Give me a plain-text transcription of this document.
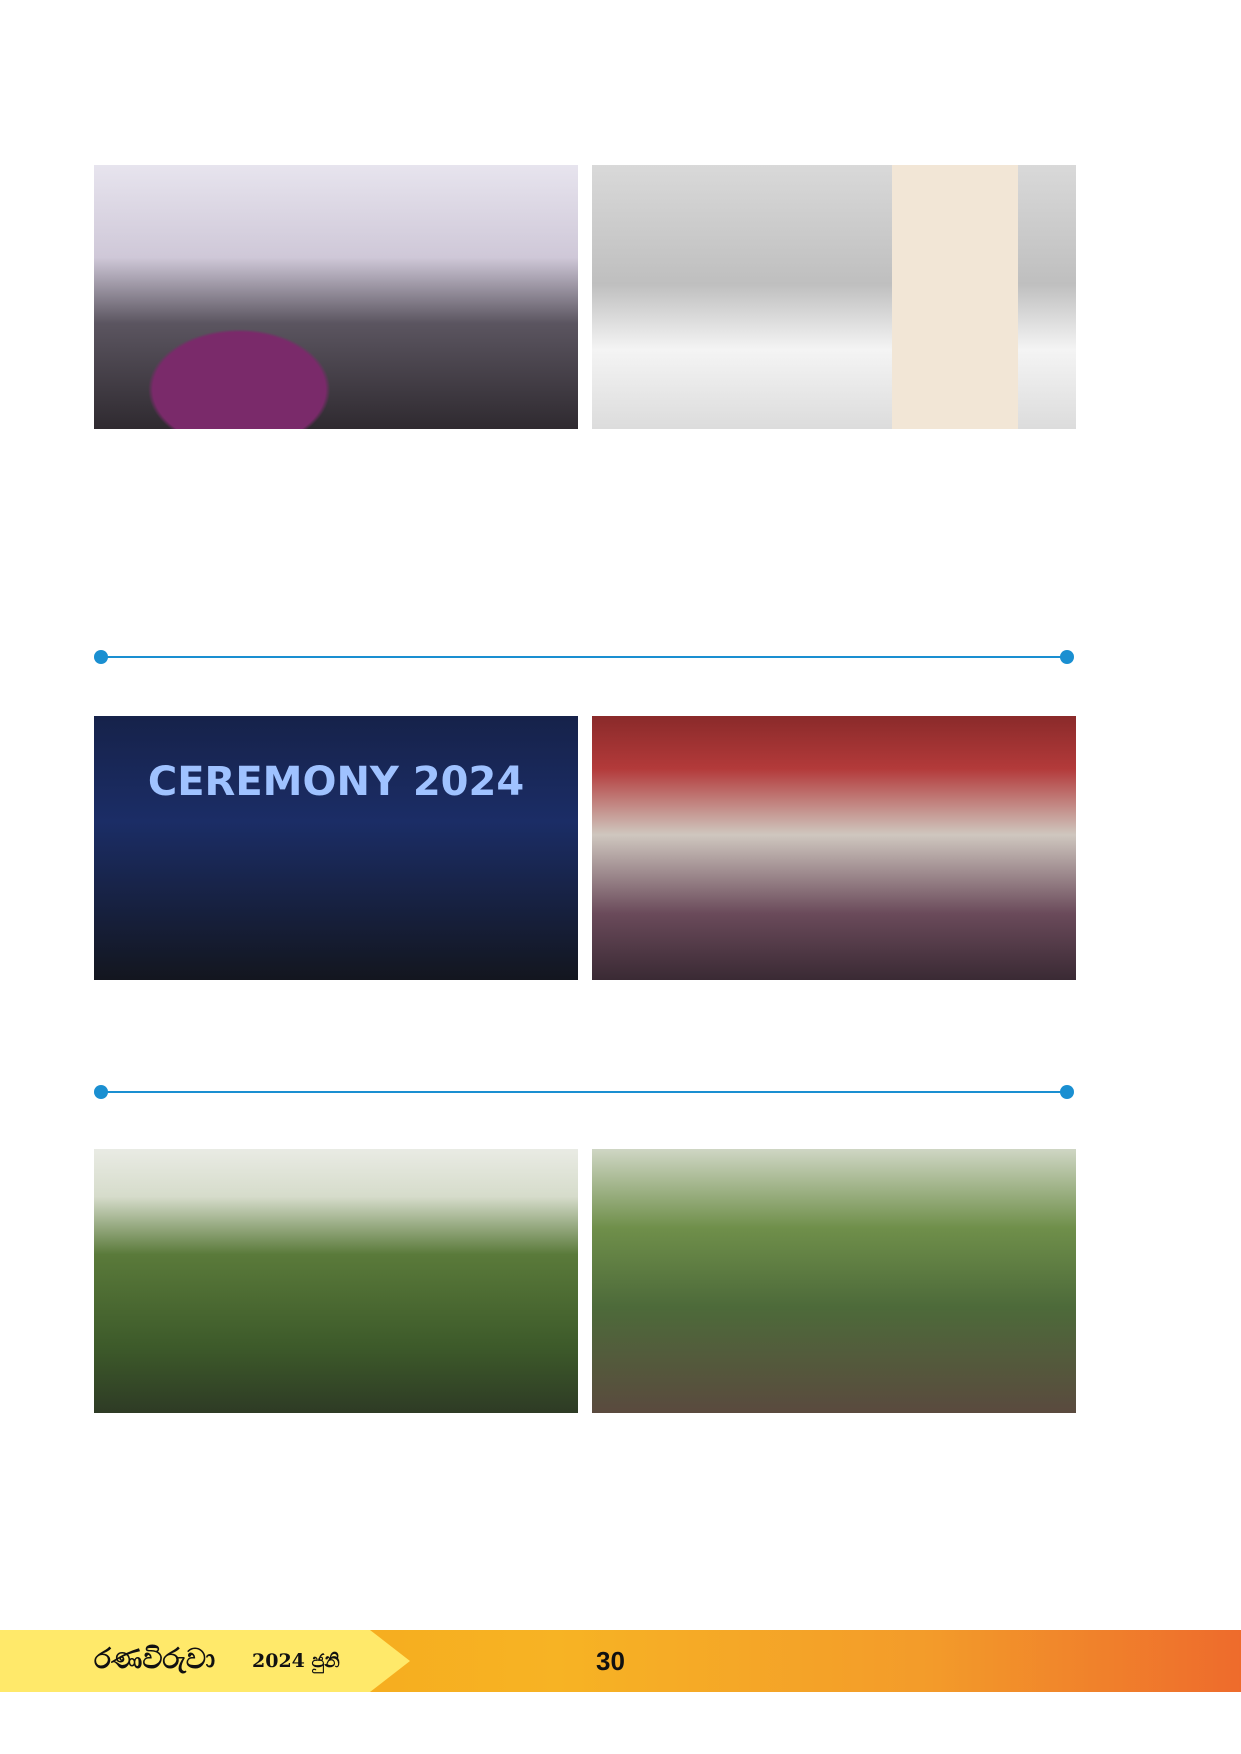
CEREMONY 2024
රණවිරුවා 2024 ජුනි	30
